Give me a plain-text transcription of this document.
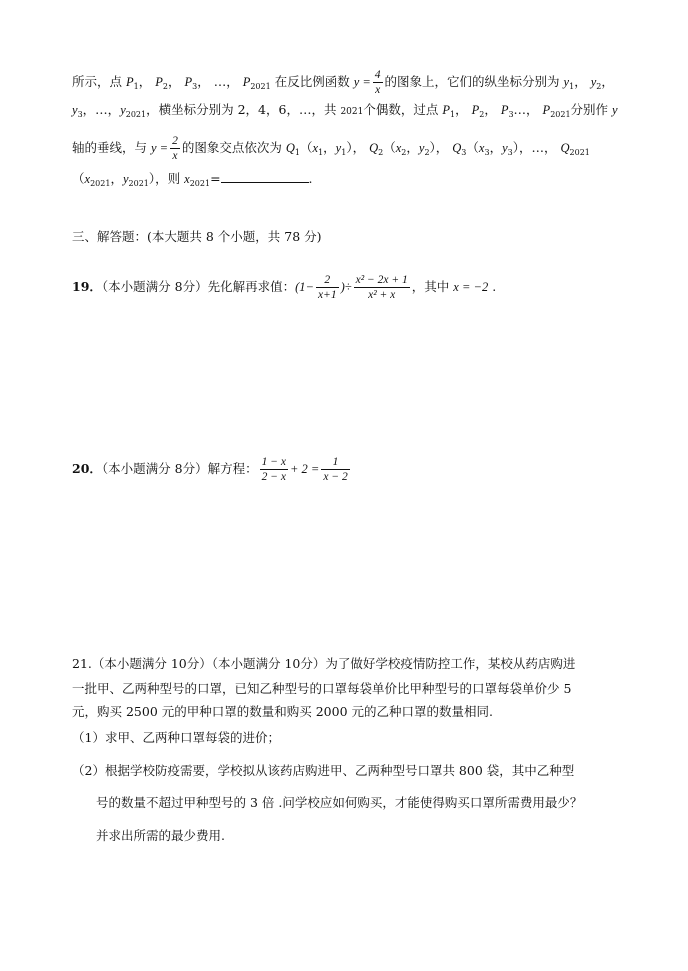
所示，点 $P_1$， $P_2$， $P_3$， …， $P_{2021}$ 在反比例函数 $y = \frac{4}{x}$ 的图象上，它们的纵坐标分别为 $y_1$， $y_2$，
$y_3$，…，$y_{2021}$，横坐标分别为 2，4，6，…，共 2021个偶数，过点 $P_1$， $P_2$， $P_3\dots$， $P_{2021}$分别作 y
轴的垂线，与 $y = \frac{2}{x}$ 的图象交点依次为 $Q_1(x_1$，$y_1$）， $Q_2(x_2$，$y_2$）， $Q_3(x_3$，$y_3$），…， $Q_{2021}$
（$x_{2021}$，$y_{2021}$），则 $x_{2021}=$	.
三、解答题：(本大题共 8 个小题，共 78 分)
19．（本小题满分 8分）先化解再求值：($1- \frac{2}{x+1}$ )÷ $\frac{\text{x² − 2x + 1}}{\text{x² + x}}$ ，其中 x = −2 .
20．（本小题满分 8分）解方程： $\frac{1 - x}{2 - x} + 2 = \frac{1}{x - 2}$
21.（本小题满分 10分）（本小题满分 10分）为了做好学校疫情防控工作，某校从药店购进
一批甲、乙两种型号的口罩，已知乙种型号的口罩每袋单价比甲种型号的口罩每袋单价少 5
元，购买 2500 元的甲种口罩的数量和购买 2000 元的乙种口罩的数量相同.
（1）求甲、乙两种口罩每袋的进价；
（2）根据学校防疫需要，学校拟从该药店购进甲、乙两种型号口罩共 800 袋，其中乙种型
号的数量不超过甲种型号的 3 倍 .问学校应如何购买，才能使得购买口罩所需费用最少？
并求出所需的最少费用.
